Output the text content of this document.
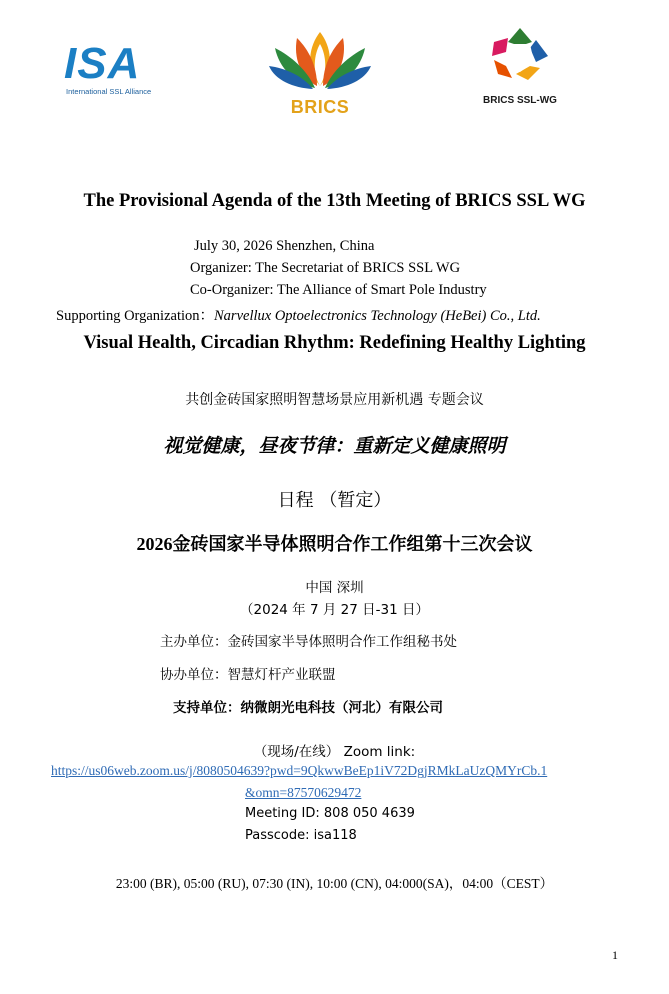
ISA
International SSL Alliance
BRICS	BRICS SSL-WG
The Provisional Agenda of the 13th Meeting of BRICS SSL WG
July 30, 2026 Shenzhen, China
Organizer: The Secretariat of BRICS SSL WG
Co-Organizer: The Alliance of Smart Pole Industry
Supporting Organization：Narvellux Optoelectronics Technology (HeBei) Co., Ltd.
Visual Health, Circadian Rhythm: Redefining Healthy Lighting
共创金砖国家照明智慧场景应用新机遇 专题会议
视觉健康，昼夜节律：重新定义健康照明
日程 （暂定）
2026金砖国家半导体照明合作工作组第十三次会议
中国 深圳
（2024 年 7 月 27 日-31 日）
主办单位：金砖国家半导体照明合作工作组秘书处
协办单位：智慧灯杆产业联盟
支持单位：纳微朗光电科技（河北）有限公司
（现场/在线） Zoom link:
https://us06web.zoom.us/j/8080504639?pwd=9QkwwBeEp1iV72DgjRMkLaUzQMYrCb.1
&omn=87570629472
Meeting ID: 808 050 4639
Passcode: isa118
23:00 (BR), 05:00 (RU), 07:30 (IN), 10:00 (CN), 04:000(SA)，04:00（CEST）
1
